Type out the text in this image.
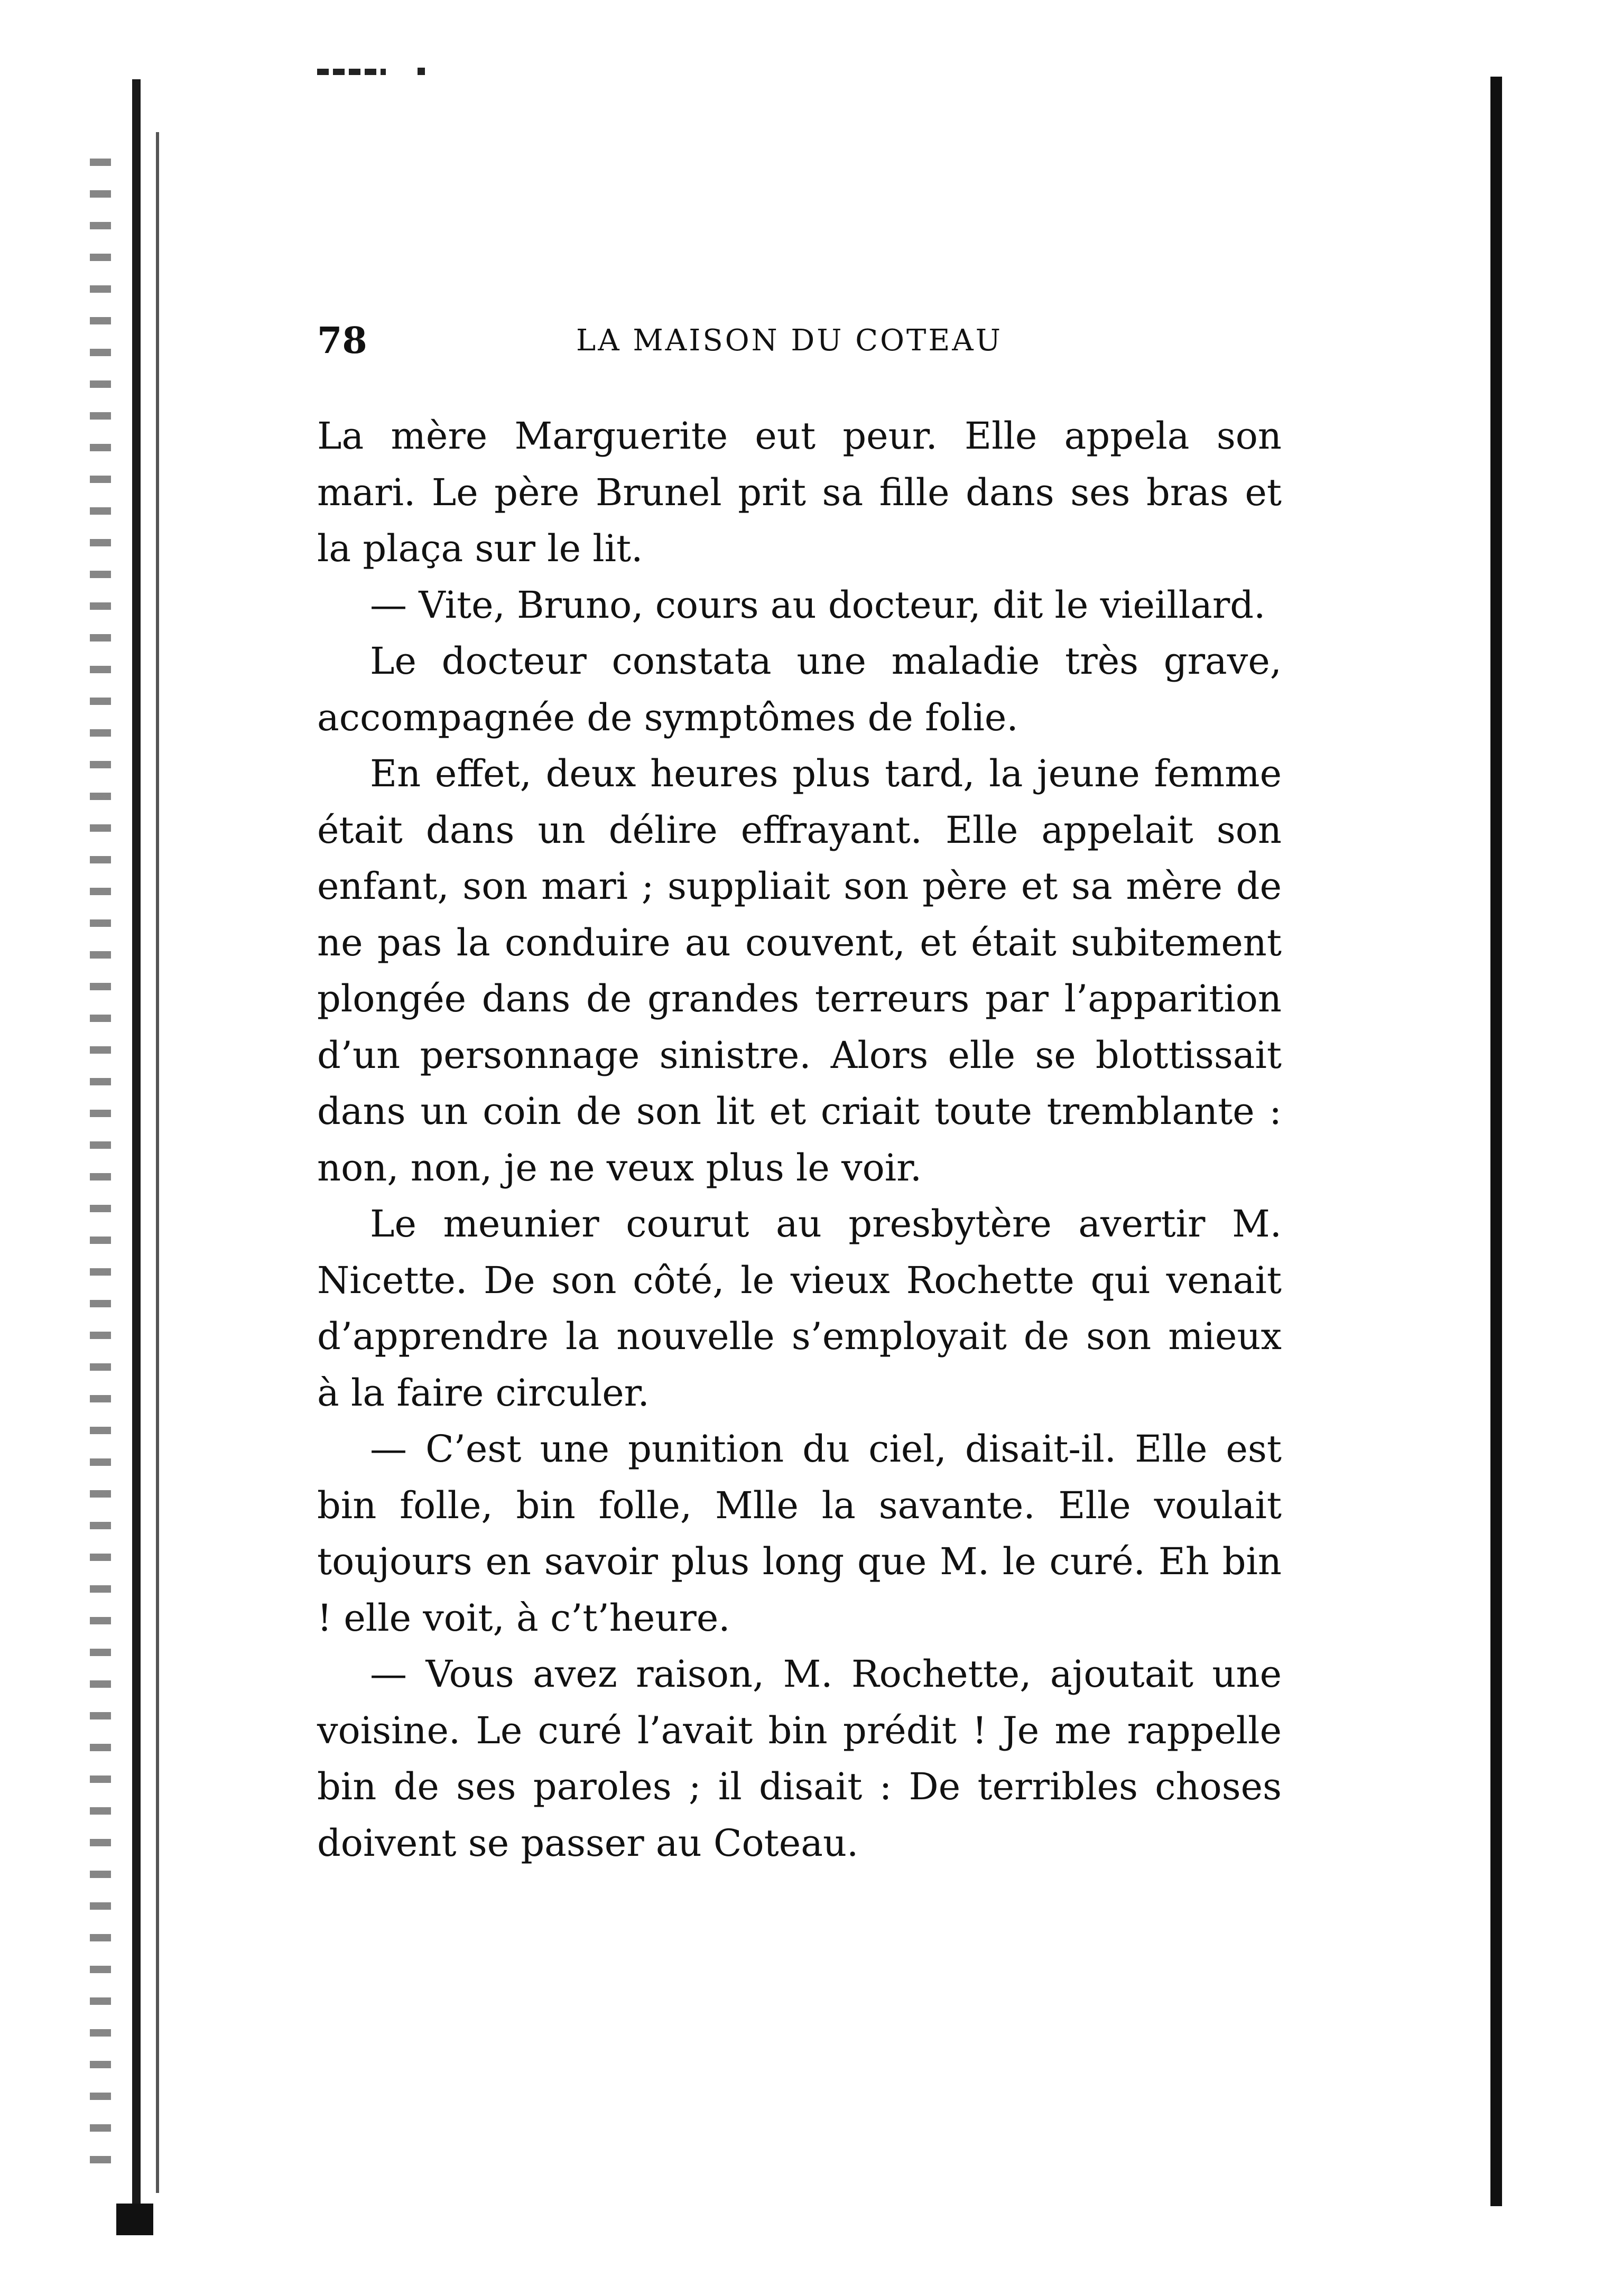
78	LA MAISON DU COTEAU

La mère Marguerite eut peur. Elle appela son mari. Le père Brunel prit sa fille dans ses bras et la plaça sur le lit.

— Vite, Bruno, cours au docteur, dit le vieillard.

Le docteur constata une maladie très grave, accompagnée de symptômes de folie.

En effet, deux heures plus tard, la jeune femme était dans un délire effrayant. Elle appelait son enfant, son mari ; suppliait son père et sa mère de ne pas la conduire au couvent, et était subitement plongée dans de grandes terreurs par l’apparition d’un personnage sinistre. Alors elle se blottissait dans un coin de son lit et criait toute tremblante : non, non, je ne veux plus le voir.

Le meunier courut au presbytère avertir M. Nicette. De son côté, le vieux Rochette qui venait d’apprendre la nouvelle s’employait de son mieux à la faire circuler.

— C’est une punition du ciel, disait-il. Elle est bin folle, bin folle, Mlle la savante. Elle voulait toujours en savoir plus long que M. le curé. Eh bin ! elle voit, à c’t’heure.

— Vous avez raison, M. Rochette, ajoutait une voisine. Le curé l’avait bin prédit ! Je me rappelle bin de ses paroles ; il disait : De terribles choses doivent se passer au Coteau.
